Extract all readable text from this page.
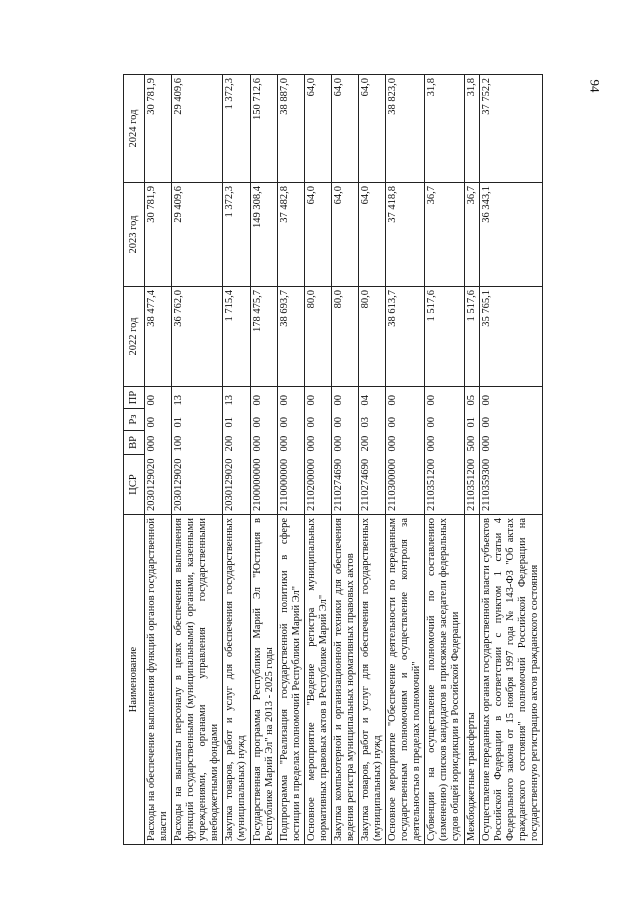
94
Наименование	ЦСР	ВР	Рз	ПР	2022 год	2023 год	2024 год
Расходы на обеспечение выполнения функций органов государственной власти	2030129020	000	00	00	38 477,4	30 781,9	30 781,9
Расходы на выплаты персоналу в целях обеспечения выполнения функций государственными (муниципальными) органами, казенными учреждениями, органами управления государственными внебюджетными фондами	2030129020	100	01	13	36 762,0	29 409,6	29 409,6
Закупка товаров, работ и услуг для обеспечения государственных (муниципальных) нужд	2030129020	200	01	13	1 715,4	1 372,3	1 372,3
Государственная программа Республики Марий Эл "Юстиция в Республике Марий Эл" на 2013 - 2025 годы	2100000000	000	00	00	178 475,7	149 308,4	150 712,6
Подпрограмма "Реализация государственной политики в сфере юстиции в пределах полномочий Республики Марий Эл"	2110000000	000	00	00	38 693,7	37 482,8	38 887,0
Основное мероприятие "Ведение регистра муниципальных нормативных правовых актов в Республике Марий Эл"	2110200000	000	00	00	80,0	64,0	64,0
Закупка компьютерной и организационной техники для обеспечения ведения регистра муниципальных нормативных правовых актов	2110274690	000	00	00	80,0	64,0	64,0
Закупка товаров, работ и услуг для обеспечения государственных (муниципальных) нужд	2110274690	200	03	04	80,0	64,0	64,0
Основное мероприятие "Обеспечение деятельности по переданным государственным полномочиям и осуществление контроля за деятельностью в пределах полномочий"	2110300000	000	00	00	38 613,7	37 418,8	38 823,0
Субвенции на осуществление полномочий по составлению (изменению) списков кандидатов в присяжные заседатели федеральных судов общей юрисдикции в Российской Федерации	2110351200	000	00	00	1 517,6	36,7	31,8
Межбюджетные трансферты	2110351200	500	01	05	1 517,6	36,7	31,8
Осуществление переданных органам государственной власти субъектов Российской Федерации в соответствии с пунктом 1 статьи 4 Федерального закона от 15 ноября 1997 года № 143-ФЗ "Об актах гражданского состояния" полномочий Российской Федерации на государственную регистрацию актов гражданского состояния	2110359300	000	00	00	35 765,1	36 343,1	37 752,2
